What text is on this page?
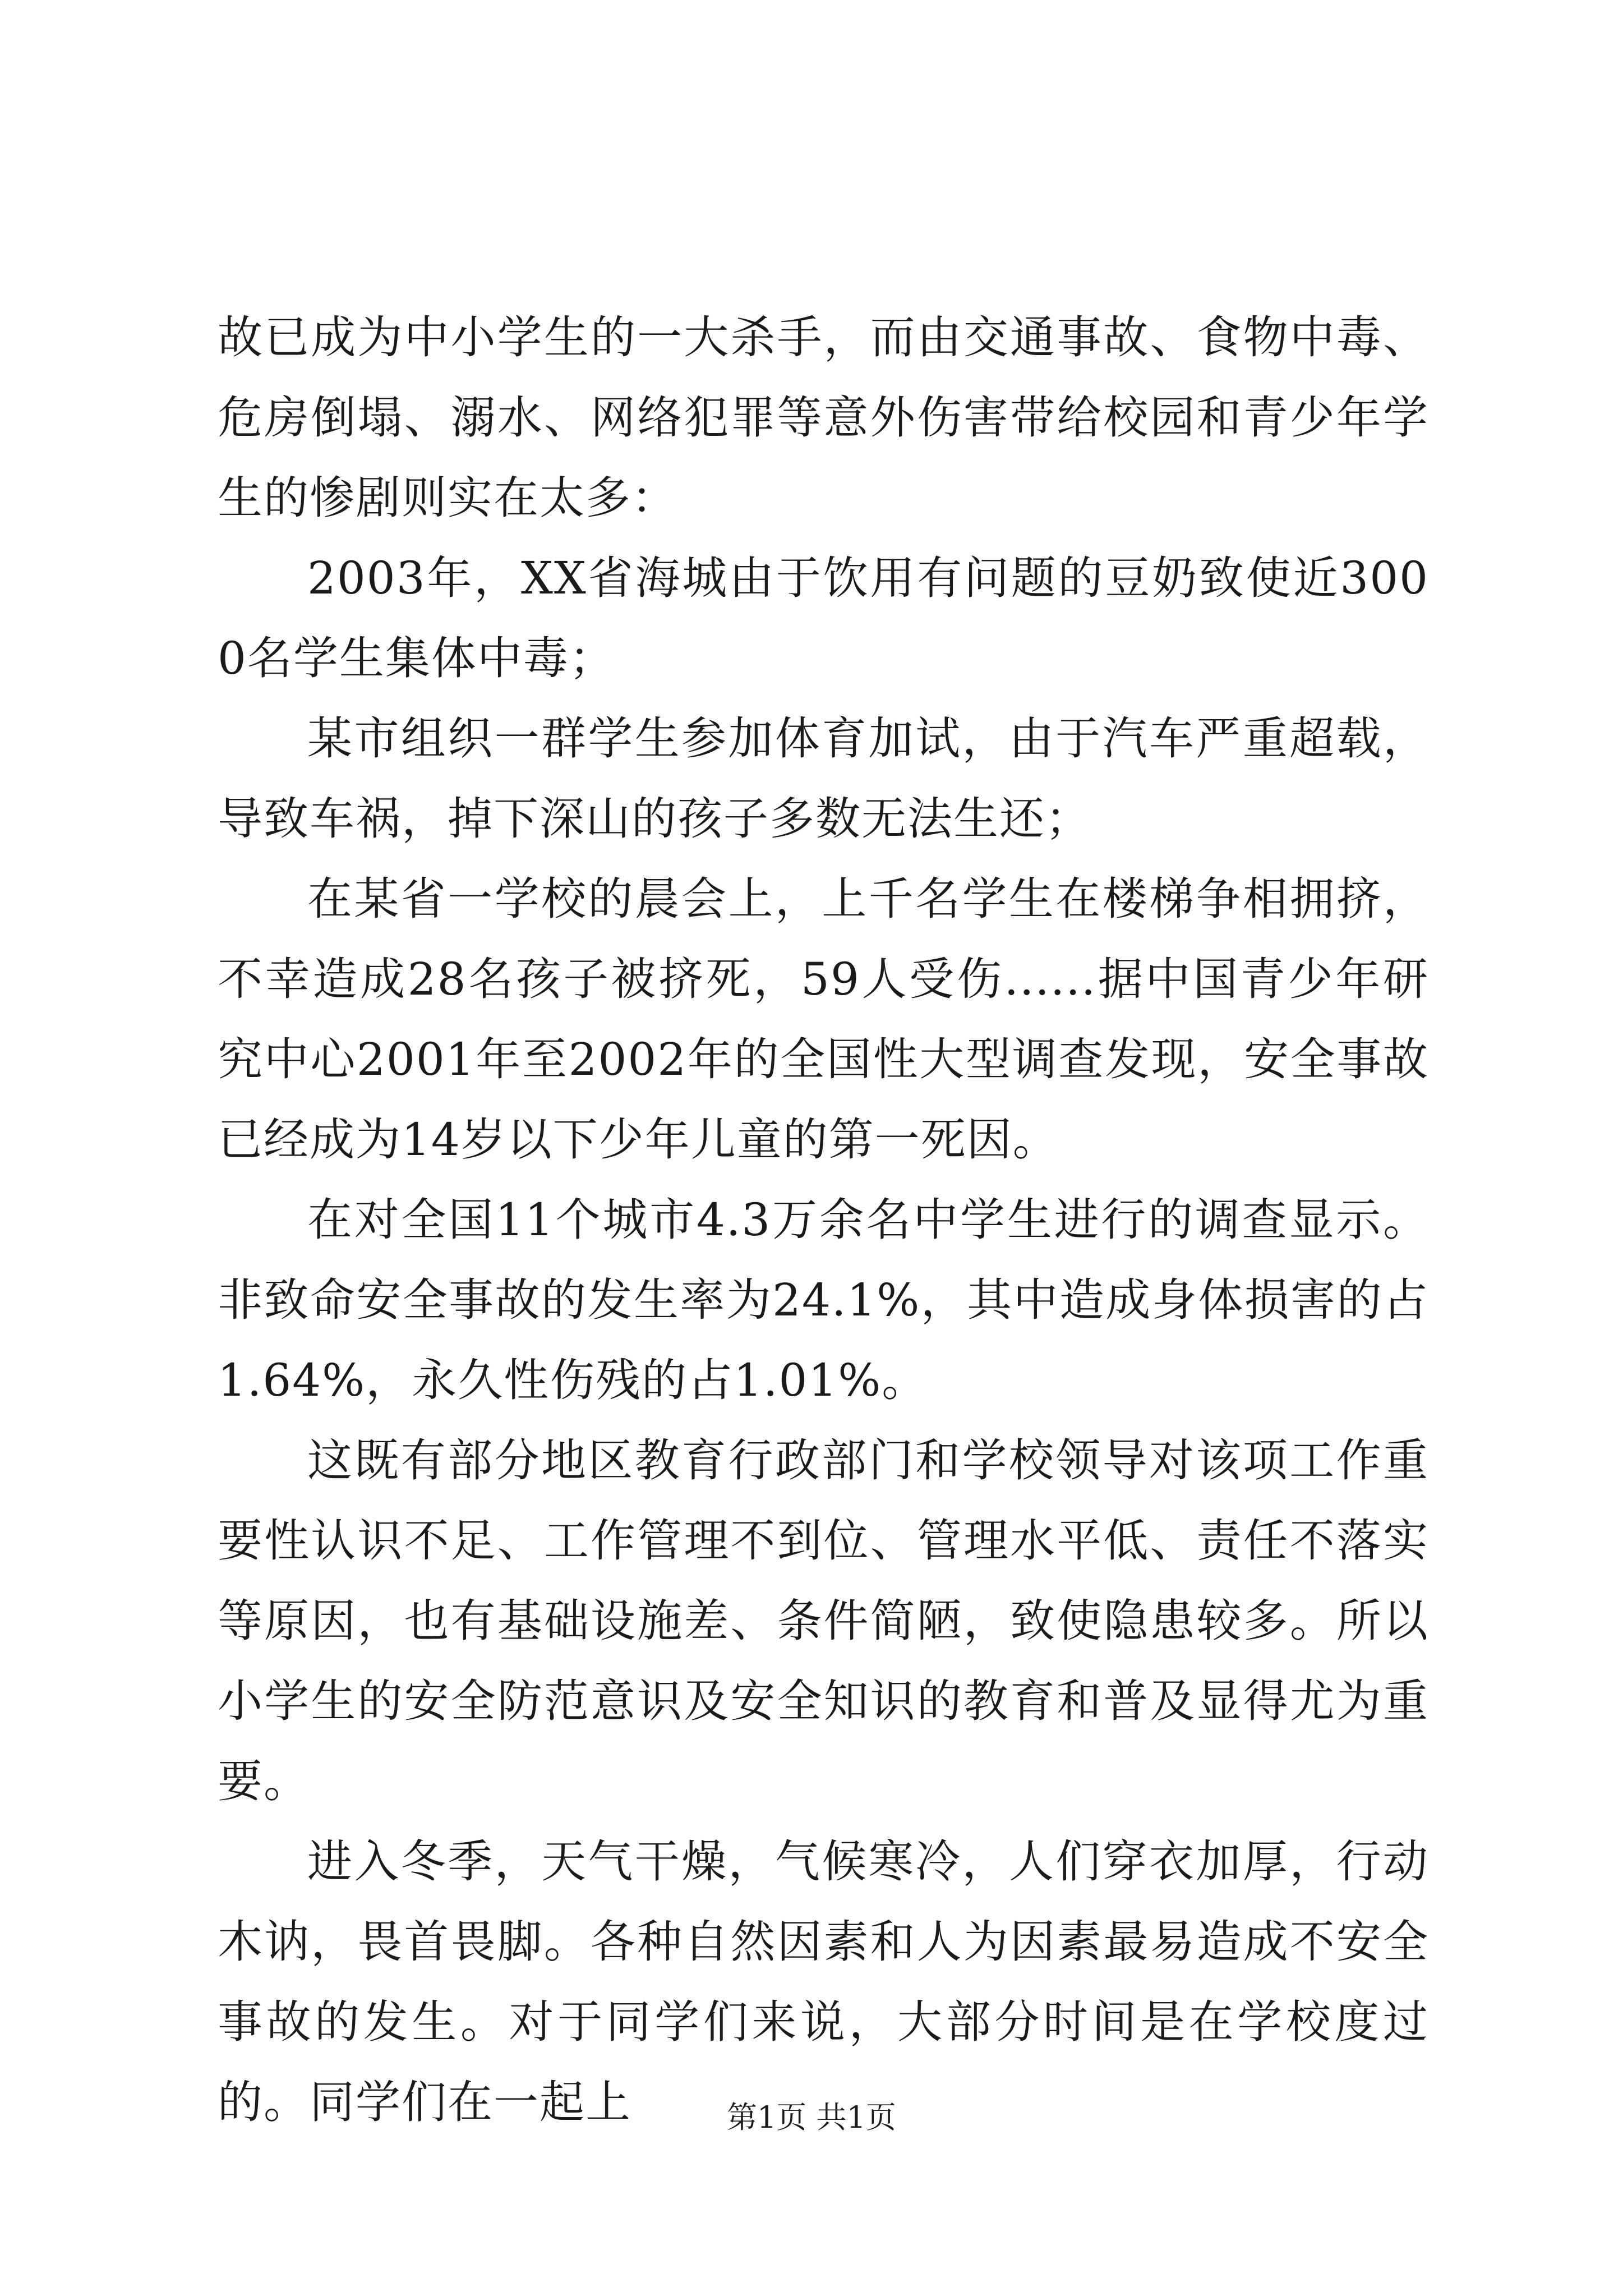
故已成为中小学生的一大杀手，而由交通事故、食物中毒、危房倒塌、溺水、网络犯罪等意外伤害带给校园和青少年学生的惨剧则实在太多：

2003年，XX省海城由于饮用有问题的豆奶致使近3000名学生集体中毒；

某市组织一群学生参加体育加试，由于汽车严重超载，导致车祸，掉下深山的孩子多数无法生还；

在某省一学校的晨会上，上千名学生在楼梯争相拥挤，不幸造成28名孩子被挤死，59人受伤......据中国青少年研究中心2001年至2002年的全国性大型调查发现，安全事故已经成为14岁以下少年儿童的第一死因。

在对全国11个城市4.3万余名中学生进行的调查显示。非致命安全事故的发生率为24.1%，其中造成身体损害的占1.64%，永久性伤残的占1.01%。

这既有部分地区教育行政部门和学校领导对该项工作重要性认识不足、工作管理不到位、管理水平低、责任不落实等原因，也有基础设施差、条件简陋，致使隐患较多。所以小学生的安全防范意识及安全知识的教育和普及显得尤为重要。

进入冬季，天气干燥，气候寒冷，人们穿衣加厚，行动木讷，畏首畏脚。各种自然因素和人为因素最易造成不安全事故的发生。对于同学们来说，大部分时间是在学校度过的。同学们在一起上	第1页 共1页
